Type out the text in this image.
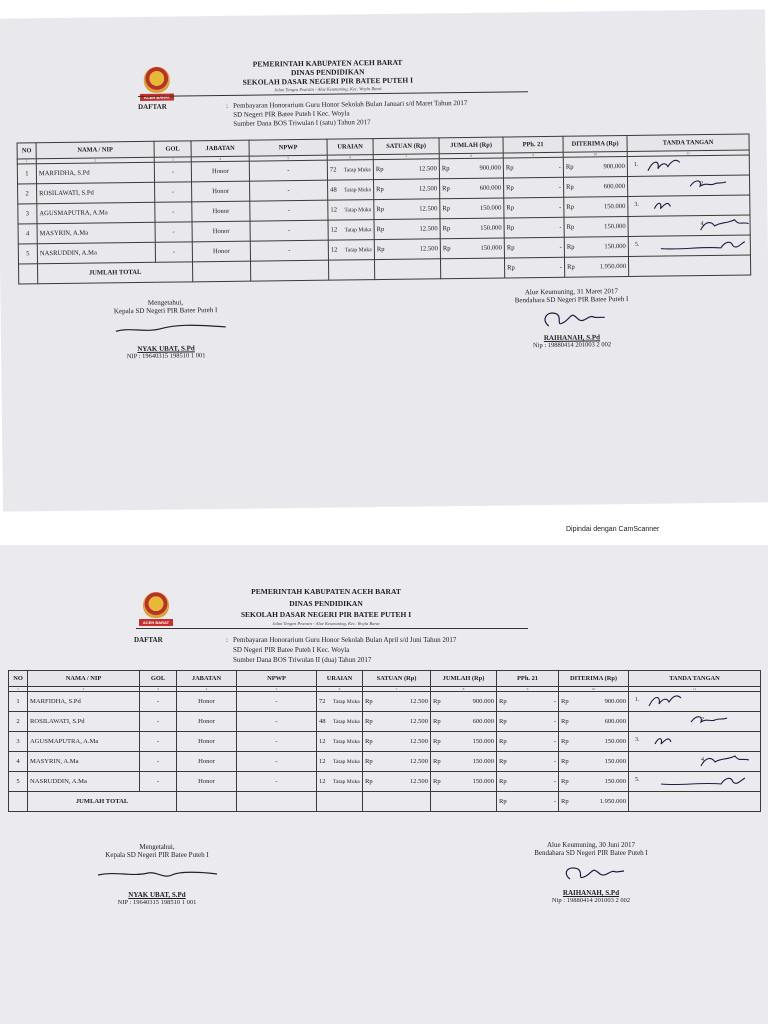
ACEH BARAT
PEMERINTAH KABUPATEN ACEH BARAT
DINAS PENDIDIKAN
SEKOLAH DASAR NEGERI PIR BATEE PUTEH I
Jalan Tengen Pearatn - Alue Keumuning, Kec. Woyla Barat
DAFTAR	: Pembayaran Honorarium Guru Honor Sekolah Bulan Januari s/d Maret Tahun 2017
SD Negeri PIR Batee Puteh I Kec. Woyla
Sumber Dana BOS Triwulan I (satu) Tahun 2017
NO	NAMA / NIP	GOL	JABATAN	NPWP	URAIAN	SATUAN (Rp)	JUMLAH (Rp)	PPh. 21	DITERIMA (Rp)	TANDA TANGAN
1	2	3	4	5	6	7	8	9	10	11
1	MARFIDHA, S.Pd	-	Honor	-	72 Tatap Muka	Rp 12.500	Rp 900.000	Rp -	Rp 900.000	1.

2	ROSILAWATI, S.Pd	-	Honor	-	48 Tatap Muka	Rp 12.500	Rp 600.000	Rp -	Rp 600.000	2.

3	AGUSMAPUTRA, A.Ma	-	Honor	-	12 Tatap Muka	Rp 12.500	Rp 150.000	Rp -	Rp 150.000	3.

4	MASYRIN, A.Ma	-	Honor	-	12 Tatap Muka	Rp 12.500	Rp 150.000	Rp -	Rp 150.000	4.

5	NASRUDDIN, A.Ma	-	Honor	-	12 Tatap Muka	Rp 12.500	Rp 150.000	Rp -	Rp 150.000	5.

	JUMLAH TOTAL							Rp -	Rp 1.950.000	

Mengetahui,
Kepala SD Negeri PIR Batee Puteh I
NYAK UBAT, S.Pd
NIP : 19640315 198510 1 001
Alue Keumuning, 31 Maret 2017
Bendahara SD Negeri PIR Batee Puteh I
RAIHANAH, S.Pd
Nip : 19880414 201003 2 002
Dipindai dengan CamScanner
ACEH BARAT
PEMERINTAH KABUPATEN ACEH BARAT
DINAS PENDIDIKAN
SEKOLAH DASAR NEGERI PIR BATEE PUTEH I
Jalan Tengen Pearatn - Alue Keumuning, Kec. Woyla Barat
DAFTAR	: Pembayaran Honorarium Guru Honor Sekolah Bulan April s/d Juni Tahun 2017
SD Negeri PIR Batee Puteh I Kec. Woyla
Sumber Dana BOS Triwulan II (dua) Tahun 2017
NO	NAMA / NIP	GOL	JABATAN	NPWP	URAIAN	SATUAN (Rp)	JUMLAH (Rp)	PPh. 21	DITERIMA (Rp)	TANDA TANGAN
1	2	3	4	5	6	7	8	9	10	11
1	MARFIDHA, S.Pd	-	Honor	-	72 Tatap Muka	Rp 12.500	Rp 900.000	Rp -	Rp 900.000	1.

2	ROSILAWATI, S.Pd	-	Honor	-	48 Tatap Muka	Rp 12.500	Rp 600.000	Rp -	Rp 600.000	2.

3	AGUSMAPUTRA, A.Ma	-	Honor	-	12 Tatap Muka	Rp 12.500	Rp 150.000	Rp -	Rp 150.000	3.

4	MASYRIN, A.Ma	-	Honor	-	12 Tatap Muka	Rp 12.500	Rp 150.000	Rp -	Rp 150.000	4.

5	NASRUDDIN, A.Ma	-	Honor	-	12 Tatap Muka	Rp 12.500	Rp 150.000	Rp -	Rp 150.000	5.

	JUMLAH TOTAL							Rp -	Rp 1.950.000	

Mengetahui,
Kepala SD Negeri PIR Batee Puteh I
NYAK UBAT, S.Pd
NIP : 19640315 198510 1 001
Alue Keumuning, 30 Juni 2017
Bendahara SD Negeri PIR Batee Puteh I
RAIHANAH, S.Pd
Nip : 19880414 201003 2 002
